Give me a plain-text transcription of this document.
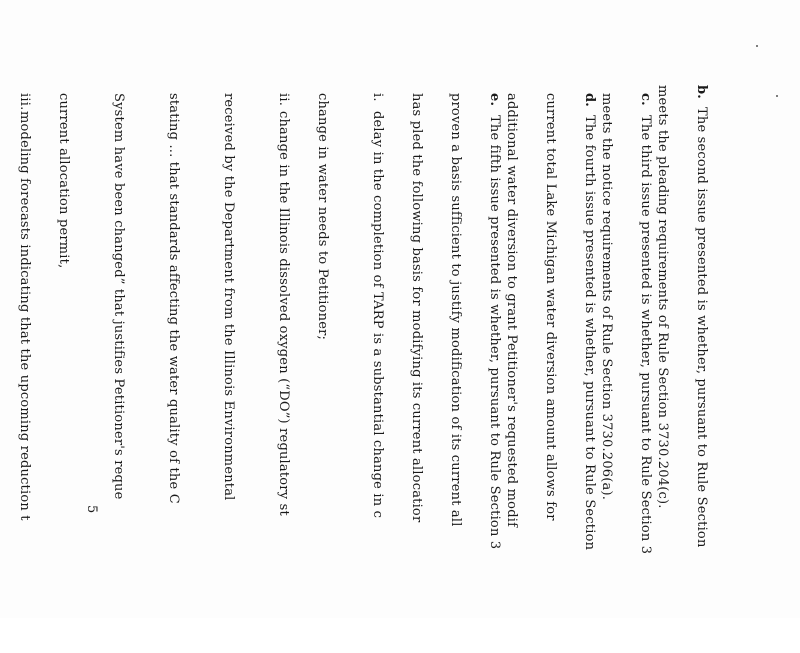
b.The second issue presented is whether, pursuant to Rule Section
meets the pleading requirements of Rule Section 3730.204(c).
c.The third issue presented is whether, pursuant to Rule Section 3
meets the notice requirements of Rule Section 3730.206(a).
d.The fourth issue presented is whether, pursuant to Rule Section
current total Lake Michigan water diversion amount allows for
additional water diversion to grant Petitioner's requested modif
e.The fifth issue presented is whether, pursuant to Rule Section 3
proven a basis sufficient to justify modification of its current all
has pled the following basis for modifying its current allocatior
i.delay in the completion of TARP is a substantial change in c
change in water needs to Petitioner;
ii.change in the Illinois dissolved oxygen (“DO”) regulatory st
received by the Department from the Illinois Environmental
stating ... that standards affecting the water quality of the C
System have been changed” that justifies Petitioner's reque
current allocation permit,
iii.modeling forecasts indicating that the upcoming reduction t	5
